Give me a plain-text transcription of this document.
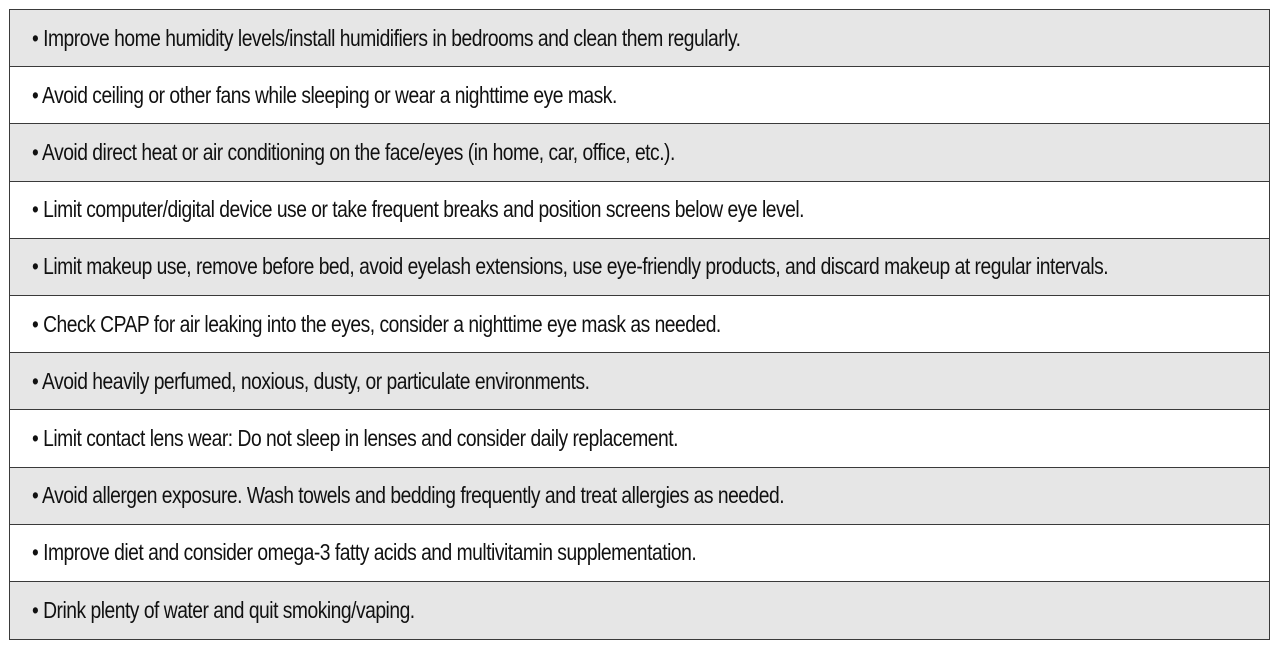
• Improve home humidity levels/install humidifiers in bedrooms and clean them regularly.
• Avoid ceiling or other fans while sleeping or wear a nighttime eye mask.
• Avoid direct heat or air conditioning on the face/eyes (in home, car, office, etc.).
• Limit computer/digital device use or take frequent breaks and position screens below eye level.
• Limit makeup use, remove before bed, avoid eyelash extensions, use eye-friendly products, and discard makeup at regular intervals.
• Check CPAP for air leaking into the eyes, consider a nighttime eye mask as needed.
• Avoid heavily perfumed, noxious, dusty, or particulate environments.
• Limit contact lens wear: Do not sleep in lenses and consider daily replacement.
• Avoid allergen exposure. Wash towels and bedding frequently and treat allergies as needed.
• Improve diet and consider omega-3 fatty acids and multivitamin supplementation.
• Drink plenty of water and quit smoking/vaping.
